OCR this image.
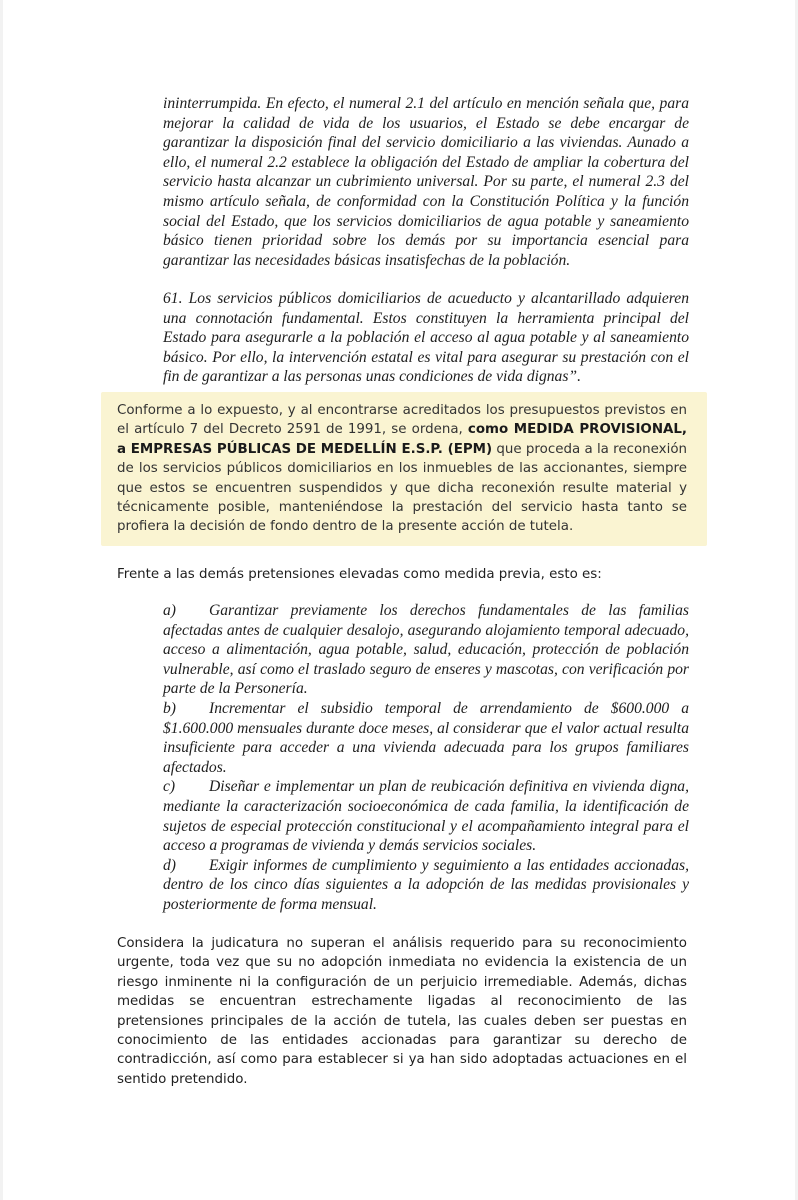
ininterrumpida. En efecto, el numeral 2.1 del artículo en mención señala que, para mejorar la calidad de vida de los usuarios, el Estado se debe encargar de garantizar la disposición final del servicio domiciliario a las viviendas. Aunado a ello, el numeral 2.2 establece la obligación del Estado de ampliar la cobertura del servicio hasta alcanzar un cubrimiento universal. Por su parte, el numeral 2.3 del mismo artículo señala, de conformidad con la Constitución Política y la función social del Estado, que los servicios domiciliarios de agua potable y saneamiento básico tienen prioridad sobre los demás por su importancia esencial para garantizar las necesidades básicas insatisfechas de la población.

61. Los servicios públicos domiciliarios de acueducto y alcantarillado adquieren una connotación fundamental. Estos constituyen la herramienta principal del Estado para asegurarle a la población el acceso al agua potable y al saneamiento básico. Por ello, la intervención estatal es vital para asegurar su prestación con el fin de garantizar a las personas unas condiciones de vida dignas”.

Conforme a lo expuesto, y al encontrarse acreditados los presupuestos previstos en el artículo 7 del Decreto 2591 de 1991, se ordena, como MEDIDA PROVISIONAL, a EMPRESAS PÚBLICAS DE MEDELLÍN E.S.P. (EPM) que proceda a la reconexión de los servicios públicos domiciliarios en los inmuebles de las accionantes, siempre que estos se encuentren suspendidos y que dicha reconexión resulte material y técnicamente posible, manteniéndose la prestación del servicio hasta tanto se profiera la decisión de fondo dentro de la presente acción de tutela.

Frente a las demás pretensiones elevadas como medida previa, esto es:

a) Garantizar previamente los derechos fundamentales de las familias afectadas antes de cualquier desalojo, asegurando alojamiento temporal adecuado, acceso a alimentación, agua potable, salud, educación, protección de población vulnerable, así como el traslado seguro de enseres y mascotas, con verificación por parte de la Personería.
b) Incrementar el subsidio temporal de arrendamiento de $600.000 a $1.600.000 mensuales durante doce meses, al considerar que el valor actual resulta insuficiente para acceder a una vivienda adecuada para los grupos familiares afectados.
c) Diseñar e implementar un plan de reubicación definitiva en vivienda digna, mediante la caracterización socioeconómica de cada familia, la identificación de sujetos de especial protección constitucional y el acompañamiento integral para el acceso a programas de vivienda y demás servicios sociales.
d) Exigir informes de cumplimiento y seguimiento a las entidades accionadas, dentro de los cinco días siguientes a la adopción de las medidas provisionales y posteriormente de forma mensual.

Considera la judicatura no superan el análisis requerido para su reconocimiento urgente, toda vez que su no adopción inmediata no evidencia la existencia de un riesgo inminente ni la configuración de un perjuicio irremediable. Además, dichas medidas se encuentran estrechamente ligadas al reconocimiento de las pretensiones principales de la acción de tutela, las cuales deben ser puestas en conocimiento de las entidades accionadas para garantizar su derecho de contradicción, así como para establecer si ya han sido adoptadas actuaciones en el sentido pretendido.
